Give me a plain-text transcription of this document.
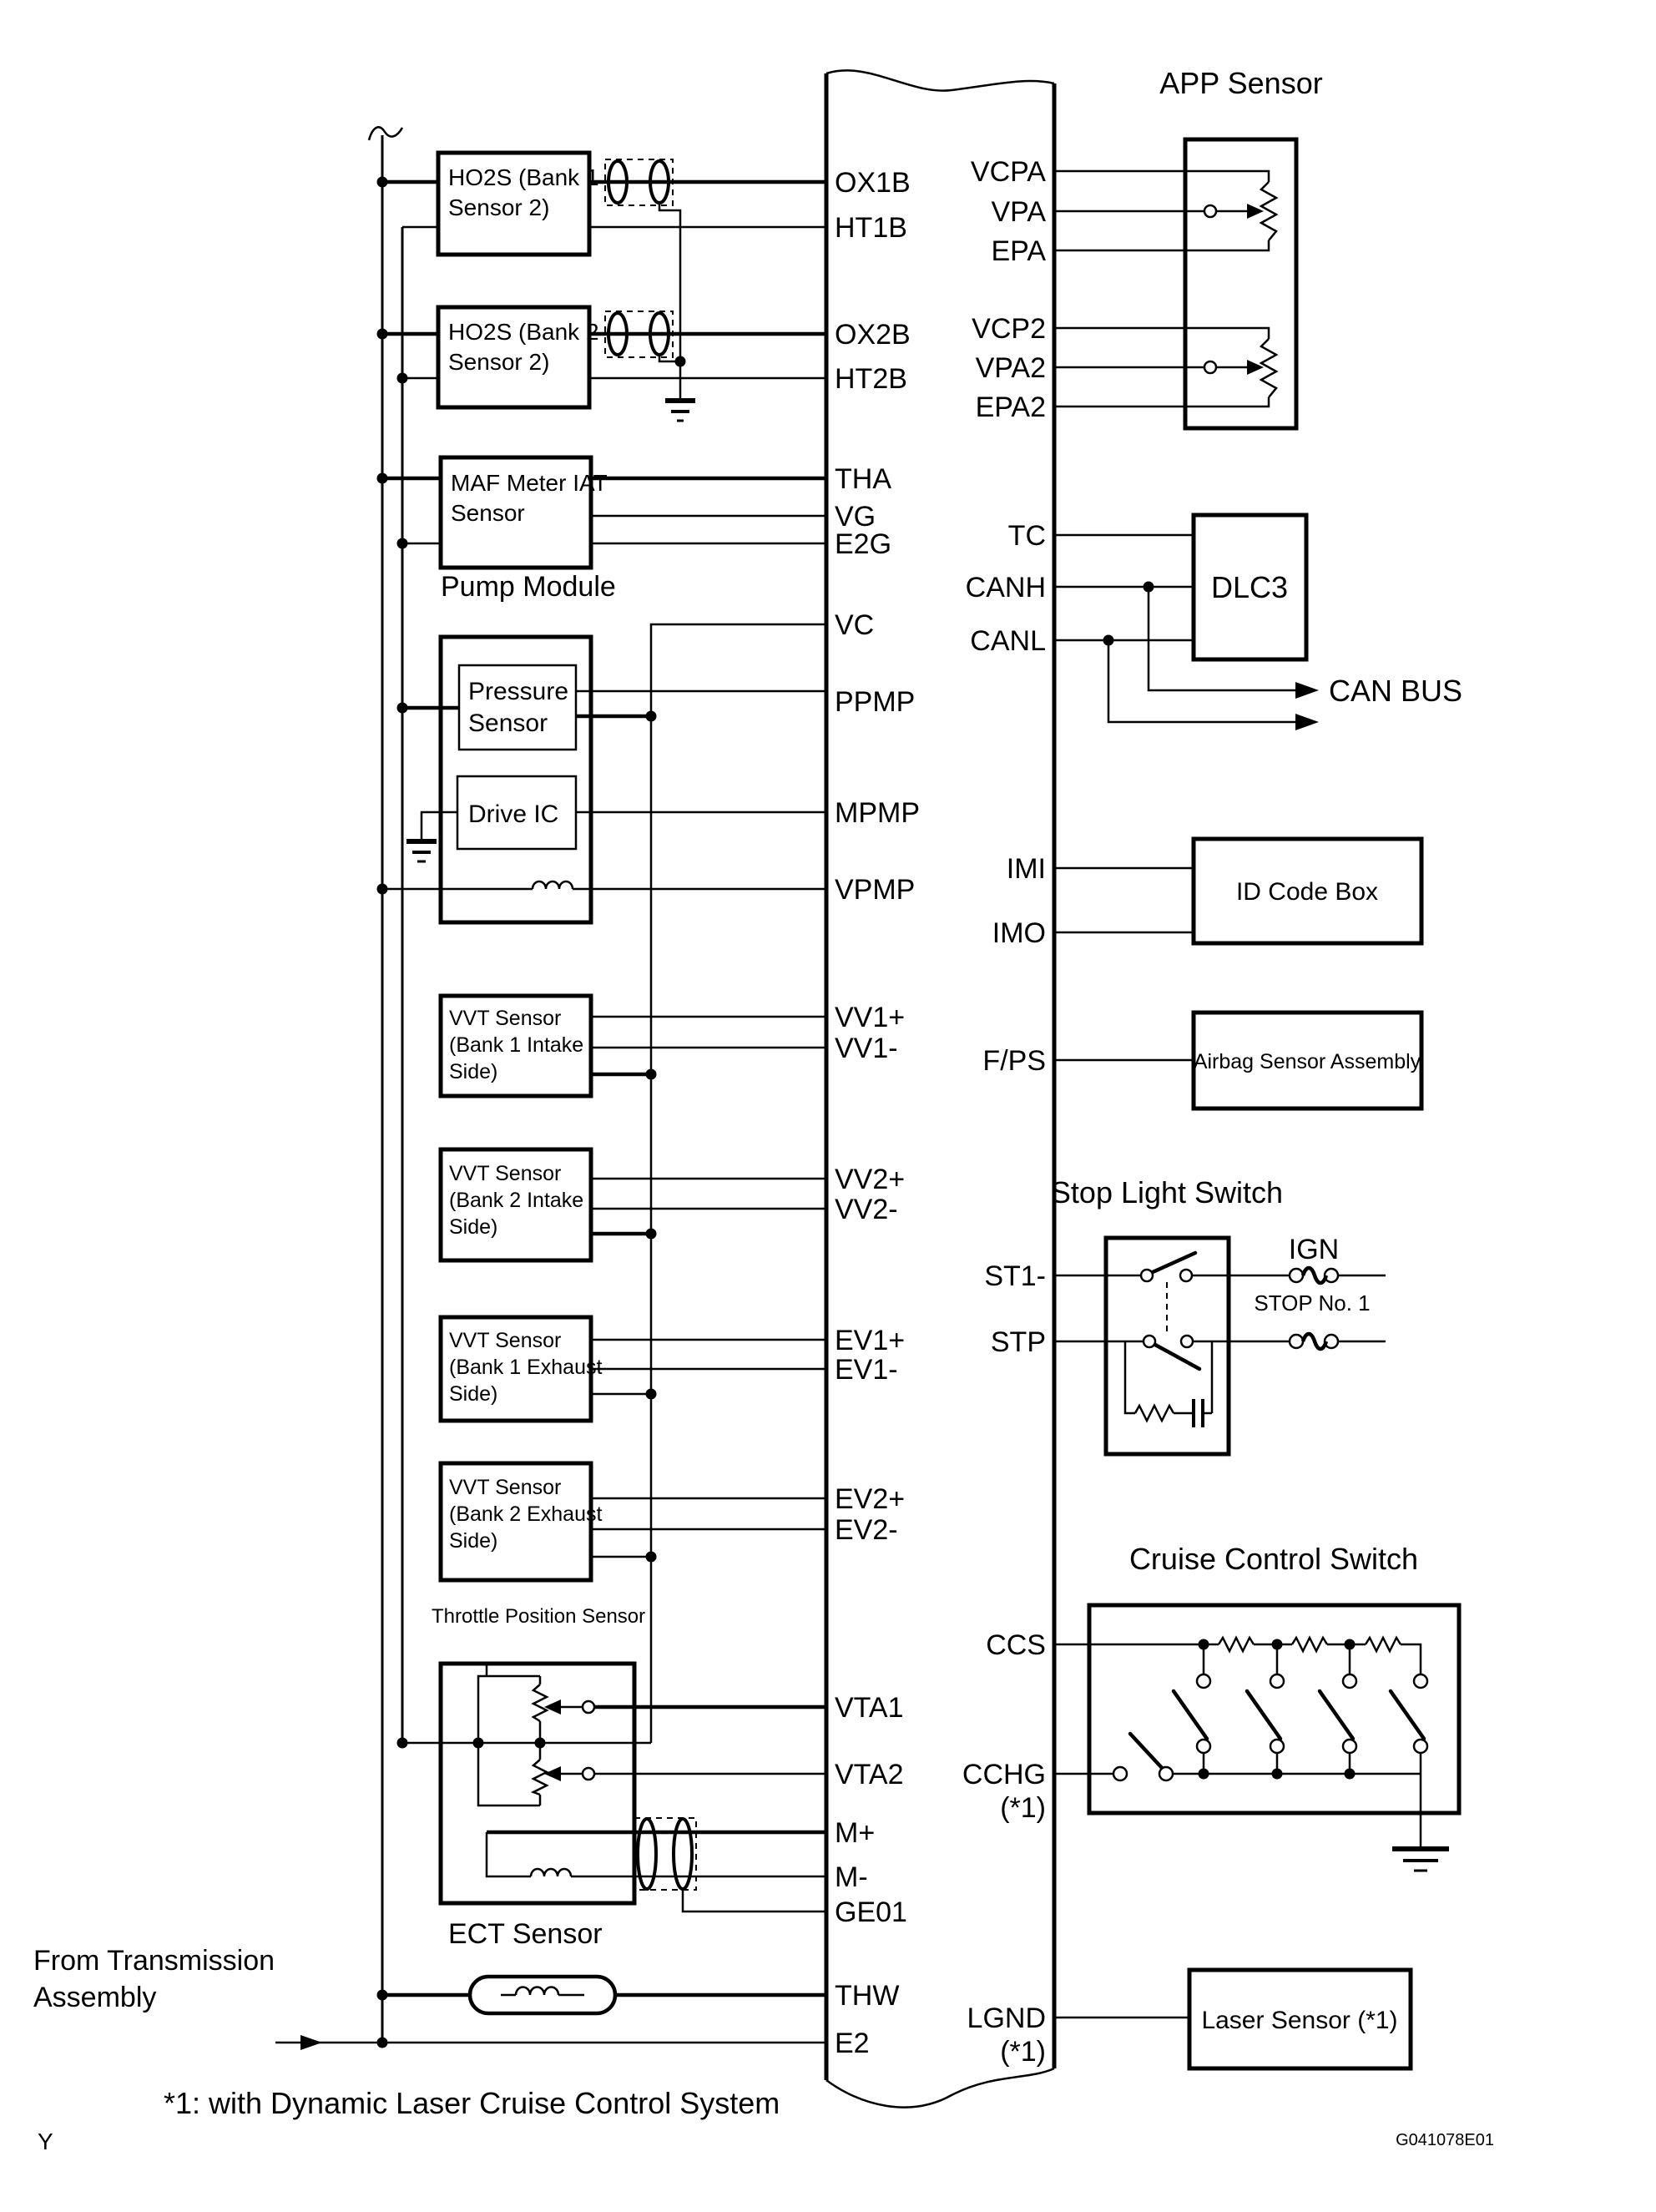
HO2S (Bank 1
Sensor 2)
HO2S (Bank 2
Sensor 2)
MAF Meter IAT
Sensor
Pump Module
Pressure
Sensor
Drive IC
VVT Sensor
(Bank 1 Intake
Side)
VVT Sensor
(Bank 2 Intake
Side)
VVT Sensor
(Bank 1 Exhaust
Side)
VVT Sensor
(Bank 2 Exhaust
Side)
Throttle Position Sensor
ECT Sensor
OX1B
HT1B
OX2B
HT2B
THA
VG
E2G
VC
PPMP
MPMP
VPMP
VV1+
VV1-
VV2+
VV2-
EV1+
EV1-
EV2+
EV2-
VTA1
VTA2
M+
M-
GE01
THW
E2
VCPA
VPA
EPA
VCP2
VPA2
EPA2
TC
CANH
CANL
IMI
IMO
F/PS
ST1-
STP
CCS
CCHG
(*1)
LGND
(*1)
APP Sensor
DLC3
CAN BUS
ID Code Box
Airbag Sensor Assembly
Stop Light Switch
IGN
STOP No. 1
Cruise Control Switch
Laser Sensor (*1)
From Transmission
Assembly
*1: with Dynamic Laser Cruise Control System
Y	G041078E01
